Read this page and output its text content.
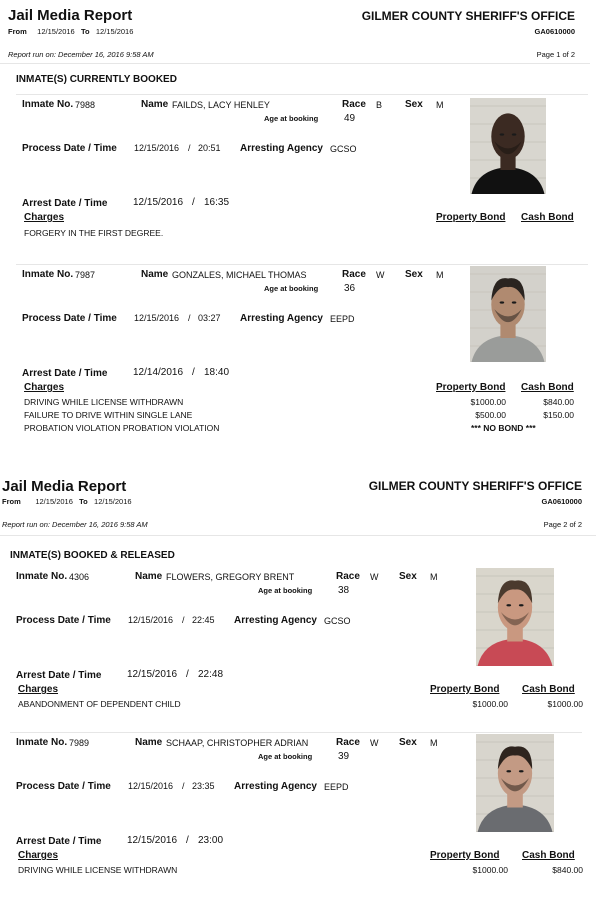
Jail Media Report
From 12/15/2016 To 12/15/2016
GILMER COUNTY SHERIFF'S OFFICE
GA0610000
Report run on: December 16, 2016 9:58 AM	Page 1 of 2
INMATE(S) CURRENTLY BOOKED
Jail Media Report
From 12/15/2016 To 12/15/2016
GILMER COUNTY SHERIFF'S OFFICE
GA0610000
Report run on: December 16, 2016 9:58 AM	Page 2 of 2
INMATE(S) BOOKED & RELEASED
Inmate No. 7988	Name FAILDS, LACY HENLEY	Race B Sex M
Age at booking	49
Process Date / Time 12/15/2016 / 20:51 Arresting Agency GCSO
Arrest Date / Time	12/15/2016 / 16:35
Charges	Property Bond Cash Bond
FORGERY IN THE FIRST DEGREE.
Inmate No. 7987	Name GONZALES, MICHAEL THOMAS	Race W Sex M
Age at booking	36
Process Date / Time 12/15/2016 / 03:27 Arresting Agency EEPD
Arrest Date / Time	12/14/2016 / 18:40
Charges	Property Bond Cash Bond
DRIVING WHILE LICENSE WITHDRAWN	$1000.00	$840.00
FAILURE TO DRIVE WITHIN SINGLE LANE	$500.00	$150.00
PROBATION VIOLATION PROBATION VIOLATION	*** NO BOND ***
Inmate No. 4306	Name FLOWERS, GREGORY BRENT	Race W Sex M
Age at booking	38
Process Date / Time 12/15/2016 / 22:45 Arresting Agency GCSO
Arrest Date / Time	12/15/2016 / 22:48
Charges	Property Bond Cash Bond
ABANDONMENT OF DEPENDENT CHILD	$1000.00	$1000.00
Inmate No. 7989	Name SCHAAP, CHRISTOPHER ADRIAN	Race W Sex M
Age at booking	39
Process Date / Time 12/15/2016 / 23:35 Arresting Agency EEPD
Arrest Date / Time	12/15/2016 / 23:00
Charges	Property Bond Cash Bond
DRIVING WHILE LICENSE WITHDRAWN	$1000.00	$840.00
